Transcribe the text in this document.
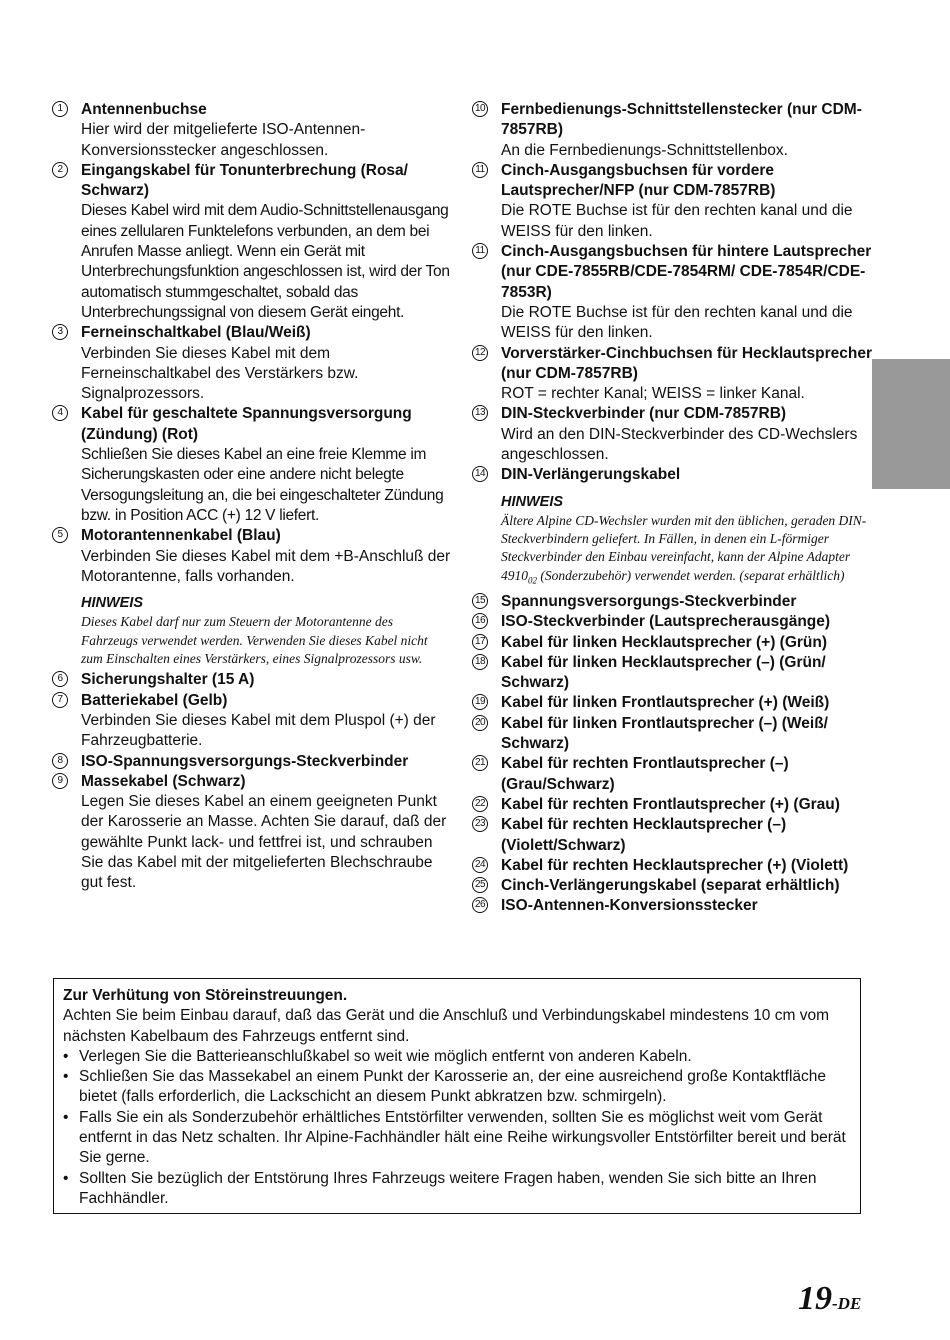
1	Antennenbuchse
Hier wird der mitgelieferte ISO-Antennen-Konversionsstecker angeschlossen.
2	Eingangskabel für Tonunterbrechung (Rosa/ Schwarz)
Dieses Kabel wird mit dem Audio-Schnittstellenausgang eines zellularen Funktelefons verbunden, an dem bei Anrufen Masse anliegt. Wenn ein Gerät mit Unterbrechungsfunktion angeschlossen ist, wird der Ton automatisch stummgeschaltet, sobald das Unterbrechungssignal von diesem Gerät eingeht.
3	Ferneinschaltkabel (Blau/Weiß)
Verbinden Sie dieses Kabel mit dem Ferneinschaltkabel des Verstärkers bzw. Signalprozessors.
4	Kabel für geschaltete Spannungsversorgung (Zündung) (Rot)
Schließen Sie dieses Kabel an eine freie Klemme im Sicherungskasten oder eine andere nicht belegte Versogungsleitung an, die bei eingeschalteter Zündung bzw. in Position ACC (+) 12 V liefert.
5	Motorantennenkabel (Blau)
Verbinden Sie dieses Kabel mit dem +B-Anschluß der Motorantenne, falls vorhanden.
HINWEIS
Dieses Kabel darf nur zum Steuern der Motorantenne des Fahrzeugs verwendet werden. Verwenden Sie dieses Kabel nicht zum Einschalten eines Verstärkers, eines Signalprozessors usw.
6	Sicherungshalter (15 A)
7	Batteriekabel (Gelb)
Verbinden Sie dieses Kabel mit dem Pluspol (+) der Fahrzeugbatterie.
8	ISO-Spannungsversorgungs-Steckverbinder
9	Massekabel (Schwarz)
Legen Sie dieses Kabel an einem geeigneten Punkt der Karosserie an Masse. Achten Sie darauf, daß der gewählte Punkt lack- und fettfrei ist, und schrauben Sie das Kabel mit der mitgelieferten Blechschraube gut fest.
10 Fernbedienungs-Schnittstellenstecker (nur CDM-7857RB)
An die Fernbedienungs-Schnittstellenbox.
11 Cinch-Ausgangsbuchsen für vordere Lautsprecher/NFP (nur CDM-7857RB)
Die ROTE Buchse ist für den rechten kanal und die WEISS für den linken.
11 Cinch-Ausgangsbuchsen für hintere Lautsprecher (nur CDE-7855RB/CDE-7854RM/ CDE-7854R/CDE-7853R)
Die ROTE Buchse ist für den rechten kanal und die WEISS für den linken.
12 Vorverstärker-Cinchbuchsen für Hecklautsprecher (nur CDM-7857RB)
ROT = rechter Kanal; WEISS = linker Kanal.
13 DIN-Steckverbinder (nur CDM-7857RB)
Wird an den DIN-Steckverbinder des CD-Wechslers angeschlossen.
14 DIN-Verlängerungskabel
HINWEIS
Ältere Alpine CD-Wechsler wurden mit den üblichen, geraden DIN-Steckverbindern geliefert. In Fällen, in denen ein L-förmiger Steckverbinder den Einbau vereinfacht, kann der Alpine Adapter $4910_{02}$ (Sonderzubehör) verwendet werden. (separat erhältlich)
15 Spannungsversorgungs-Steckverbinder
16 ISO-Steckverbinder (Lautsprecherausgänge)
17 Kabel für linken Hecklautsprecher (+) (Grün)
18 Kabel für linken Hecklautsprecher (–) (Grün/ Schwarz)
19 Kabel für linken Frontlautsprecher (+) (Weiß)
20 Kabel für linken Frontlautsprecher (–) (Weiß/ Schwarz)
21 Kabel für rechten Frontlautsprecher (–) (Grau/Schwarz)
22 Kabel für rechten Frontlautsprecher (+) (Grau)
23 Kabel für rechten Hecklautsprecher (–) (Violett/Schwarz)
24 Kabel für rechten Hecklautsprecher (+) (Violett)
25 Cinch-Verlängerungskabel (separat erhältlich)
26 ISO-Antennen-Konversionsstecker
Zur Verhütung von Störeinstreuungen.
Achten Sie beim Einbau darauf, daß das Gerät und die Anschluß und Verbindungskabel mindestens 10 cm vom nächsten Kabelbaum des Fahrzeugs entfernt sind.
• Verlegen Sie die Batterieanschlußkabel so weit wie möglich entfernt von anderen Kabeln.
• Schließen Sie das Massekabel an einem Punkt der Karosserie an, der eine ausreichend große Kontaktfläche bietet (falls erforderlich, die Lackschicht an diesem Punkt abkratzen bzw. schmirgeln).
• Falls Sie ein als Sonderzubehör erhältliches Entstörfilter verwenden, sollten Sie es möglichst weit vom Gerät entfernt in das Netz schalten. Ihr Alpine-Fachhändler hält eine Reihe wirkungsvoller Entstörfilter bereit und berät Sie gerne.
• Sollten Sie bezüglich der Entstörung Ihres Fahrzeugs weitere Fragen haben, wenden Sie sich bitte an Ihren Fachhändler.
19-DE
